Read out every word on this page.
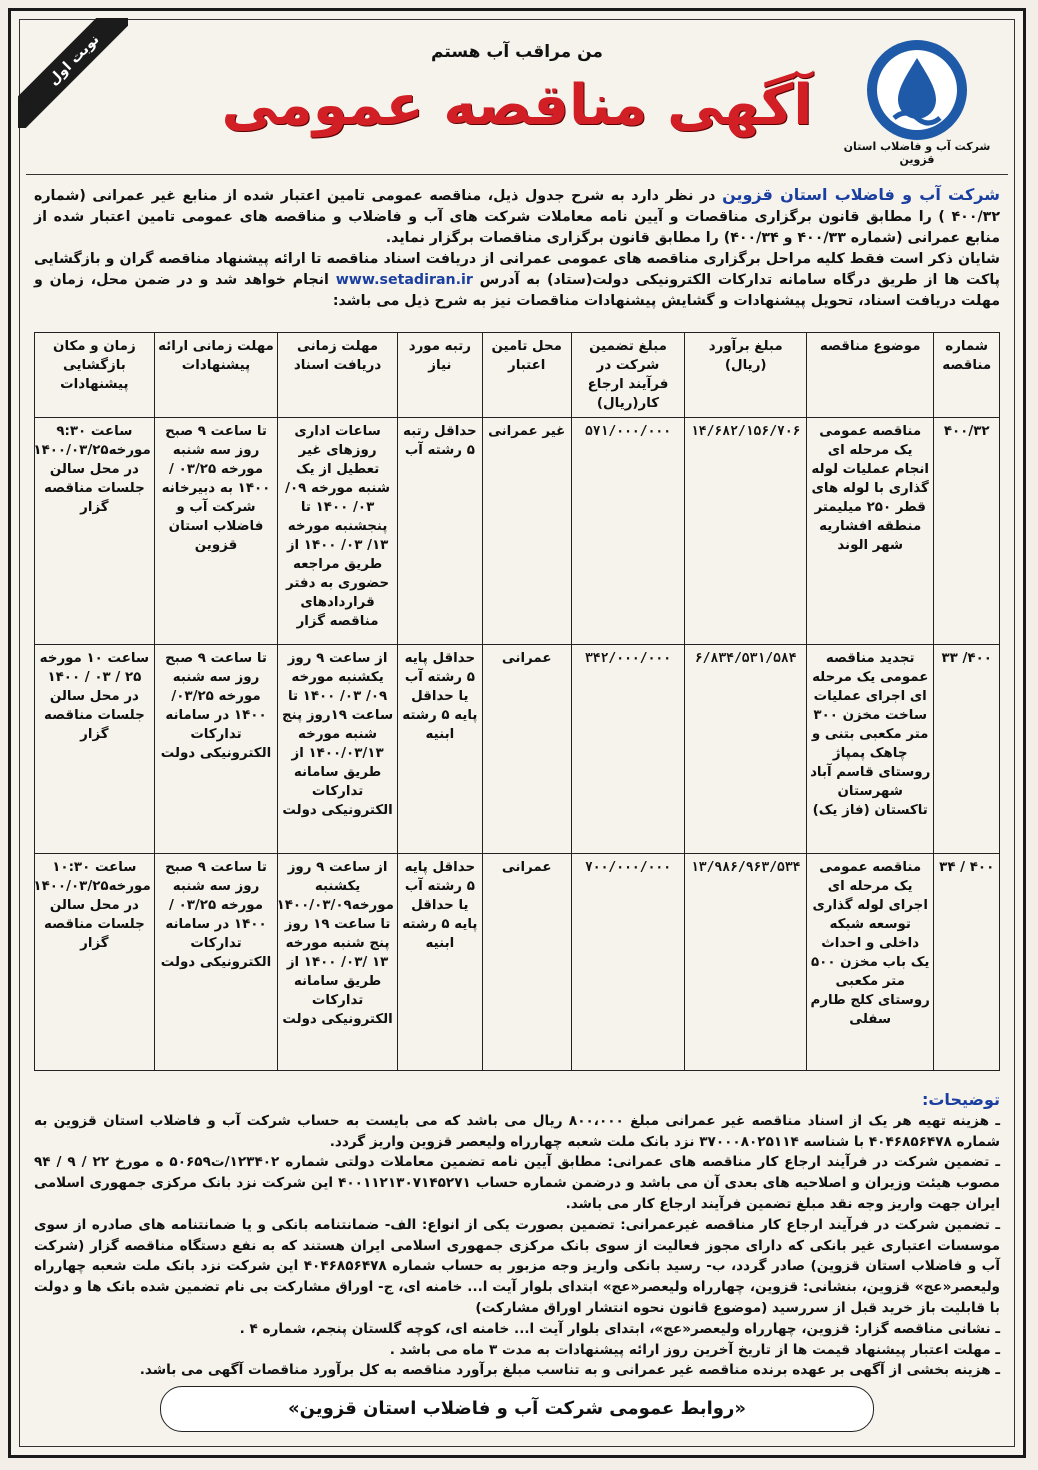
نوبت اول	من مراقب آب هستم
آگهی مناقصه عمومی
شرکت آب و فاضلاب استان قزوین
شرکت آب و فاضلاب استان قزوین در نظر دارد به شرح جدول ذیل، مناقصه عمومی تامین اعتبار شده از منابع غیر عمرانی (شماره ۴۰۰/۳۲ ) را مطابق قانون برگزاری مناقصات و آیین نامه معاملات شرکت های آب و فاضلاب و مناقصه های عمومی تامین اعتبار شده از منابع عمرانی (شماره ۴۰۰/۳۳ و ۴۰۰/۳۴) را مطابق قانون برگزاری مناقصات برگزار نماید.
شایان ذکر است فقط کلیه مراحل برگزاری مناقصه های عمومی عمرانی از دریافت اسناد مناقصه تا ارائه پیشنهاد مناقصه گران و بازگشایی پاکت ها از طریق درگاه سامانه تدارکات الکترونیکی دولت(ستاد) به آدرس www.setadiran.ir انجام خواهد شد و در ضمن محل، زمان و مهلت دریافت اسناد، تحویل پیشنهادات و گشایش پیشنهادات مناقصات نیز به شرح ذیل می باشد:
شماره مناقصه	موضوع مناقصه	مبلغ برآورد (ریال)	مبلغ تضمین شرکت در فرآیند ارجاع کار(ریال)	محل تامین اعتبار	رتبه مورد نیاز	مهلت زمانی دریافت اسناد	مهلت زمانی ارائه پیشنهادات	زمان و مکان بازگشایی پیشنهادات
۴۰۰/۳۲	مناقصه عمومی یک مرحله ای انجام عملیات لوله گذاری با لوله های قطر ۲۵۰ میلیمتر منطقه افشاریه شهر الوند	۱۴/۶۸۲/۱۵۶/۷۰۶	۵۷۱/۰۰۰/۰۰۰	غیر عمرانی	حداقل رتبه ۵ رشته آب	ساعات اداری روزهای غیر تعطیل از یک شنبه مورخه ۰۹/ ۰۳/ ۱۴۰۰ تا پنجشنبه مورخه ۱۳/ ۰۳/ ۱۴۰۰ از طریق مراجعه حضوری به دفتر قراردادهای مناقصه گزار	تا ساعت ۹ صبح روز سه شنبه مورخه ۰۳/۲۵ / ۱۴۰۰ به دبیرخانه شرکت آب و فاضلاب استان قزوین	ساعت ۹:۳۰ مورخه۱۴۰۰/۰۳/۲۵ در محل سالن جلسات مناقصه گزار
۴۰۰/ ۳۳	تجدید مناقصه عمومی یک مرحله ای اجرای عملیات ساخت مخزن ۳۰۰ متر مکعبی بتنی و چاهک پمپاژ روستای قاسم آباد شهرستان تاکستان (فاز یک)	۶/۸۳۴/۵۳۱/۵۸۴	۳۴۲/۰۰۰/۰۰۰	عمرانی	حداقل پایه ۵ رشته آب یا حداقل پایه ۵ رشته ابنیه	از ساعت ۹ روز یکشنبه مورخه ۰۹/ ۰۳/ ۱۴۰۰ تا ساعت ۱۹روز پنج شنبه مورخه ۱۴۰۰/۰۳/۱۳ از طریق سامانه تدارکات الکترونیکی دولت	تا ساعت ۹ صبح روز سه شنبه مورخه ۰۳/۲۵/ ۱۴۰۰ در سامانه تدارکات الکترونیکی دولت	ساعت ۱۰ مورخه ۲۵ / ۰۳ / ۱۴۰۰ در محل سالن جلسات مناقصه گزار
۴۰۰ / ۳۴	مناقصه عمومی یک مرحله ای اجرای لوله گذاری توسعه شبکه داخلی و احداث یک باب مخزن ۵۰۰ متر مکعبی روستای کلج طارم سفلی	۱۳/۹۸۶/۹۶۳/۵۳۴	۷۰۰/۰۰۰/۰۰۰	عمرانی	حداقل پایه ۵ رشته آب یا حداقل پایه ۵ رشته ابنیه	از ساعت ۹ روز یکشنبه مورخه۱۴۰۰/۰۳/۰۹ تا ساعت ۱۹ روز پنج شنبه مورخه ۱۳ /۰۳/ ۱۴۰۰ از طریق سامانه تدارکات الکترونیکی دولت	تا ساعت ۹ صبح روز سه شنبه مورخه ۰۳/۲۵ / ۱۴۰۰ در سامانه تدارکات الکترونیکی دولت	ساعت ۱۰:۳۰ مورخه۱۴۰۰/۰۳/۲۵ در محل سالن جلسات مناقصه گزار

توضیحات:

ـ هزینه تهیه هر یک از اسناد مناقصه غیر عمرانی مبلغ ۸۰۰،۰۰۰ ریال می باشد که می بایست به حساب شرکت آب و فاضلاب استان قزوین به شماره ۴۰۴۶۸۵۶۴۷۸ با شناسه ۳۷۰۰۰۸۰۲۵۱۱۴ نزد بانک ملت شعبه چهارراه ولیعصر قزوین واریز گردد.

ـ تضمین شرکت در فرآیند ارجاع کار مناقصه های عمرانی: مطابق آیین نامه تضمین معاملات دولتی شماره ۱۲۳۴۰۲/ت۵۰۶۵۹ ه مورخ ۲۲ / ۹ / ۹۴ مصوب هیئت وزیران و اصلاحیه های بعدی آن می باشد و درضمن شماره حساب ۴۰۰۱۱۲۱۳۰۷۱۴۵۲۷۱ این شرکت نزد بانک مرکزی جمهوری اسلامی ایران جهت واریز وجه نقد مبلغ تضمین فرآیند ارجاع کار می باشد.

ـ تضمین شرکت در فرآیند ارجاع کار مناقصه غیرعمرانی: تضمین بصورت یکی از انواع: الف- ضمانتنامه بانکی و یا ضمانتنامه های صادره از سوی موسسات اعتباری غیر بانکی که دارای مجوز فعالیت از سوی بانک مرکزی جمهوری اسلامی ایران هستند که به نفع دستگاه مناقصه گزار (شرکت آب و فاضلاب استان قزوین) صادر گردد، ب- رسید بانکی واریز وجه مزبور به حساب شماره ۴۰۴۶۸۵۶۴۷۸ این شرکت نزد بانک ملت شعبه چهارراه ولیعصر«عج» قزوین، بنشانی: قزوین، چهارراه ولیعصر«عج» ابتدای بلوار آیت ا... خامنه ای، ج- اوراق مشارکت بی نام تضمین شده بانک ها و دولت با قابلیت باز خرید قبل از سررسید (موضوع قانون نحوه انتشار اوراق مشارکت)

ـ نشانی مناقصه گزار: قزوین، چهارراه ولیعصر«عج»، ابتدای بلوار آیت ا... خامنه ای، کوچه گلستان پنجم، شماره ۴ .

ـ مهلت اعتبار پیشنهاد قیمت ها از تاریخ آخرین روز ارائه پیشنهادات به مدت ۳ ماه می باشد .

ـ هزینه بخشی از آگهی بر عهده برنده مناقصه غیر عمرانی و به تناسب مبلغ برآورد مناقصه به کل برآورد مناقصات آگهی می باشد.

«روابط عمومی شرکت آب و فاضلاب استان قزوین»
